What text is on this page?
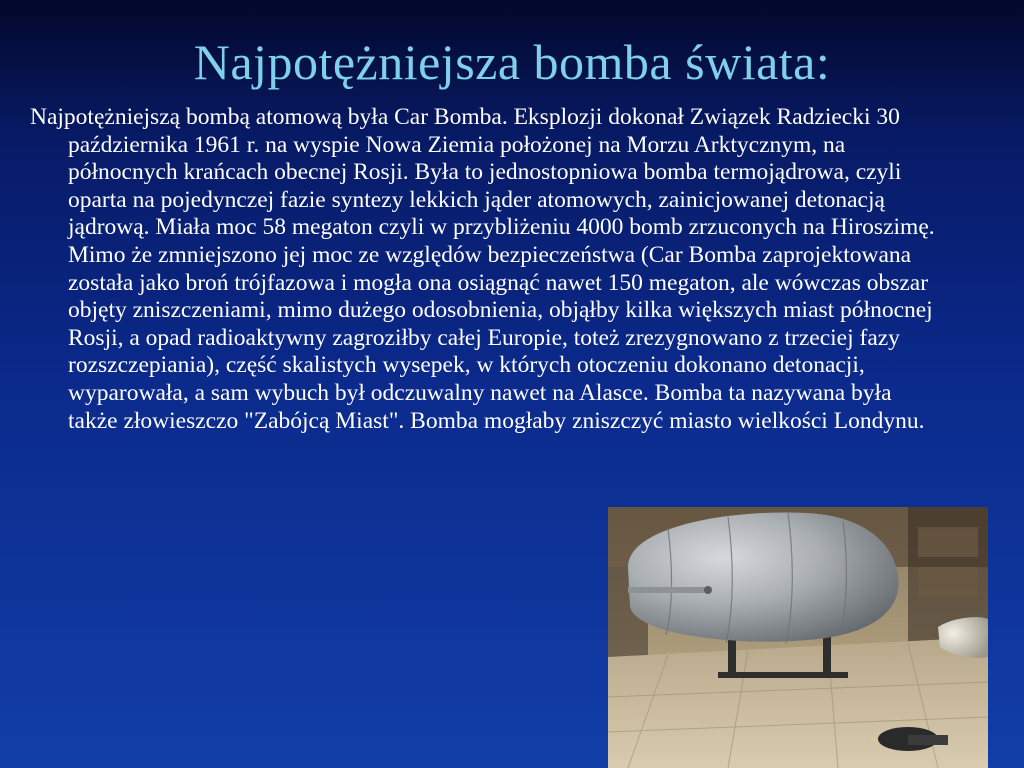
Najpotężniejsza bomba świata:

Najpotężniejszą bombą atomową była Car Bomba. Eksplozji dokonał Związek Radziecki 30 października 1961 r. na wyspie Nowa Ziemia położonej na Morzu Arktycznym, na północnych krańcach obecnej Rosji. Była to jednostopniowa bomba termojądrowa, czyli oparta na pojedynczej fazie syntezy lekkich jąder atomowych, zainicjowanej detonacją jądrową. Miała moc 58 megaton czyli w przybliżeniu 4000 bomb zrzuconych na Hiroszimę. Mimo że zmniejszono jej moc ze względów bezpieczeństwa (Car Bomba zaprojektowana została jako broń trójfazowa i mogła ona osiągnąć nawet 150 megaton, ale wówczas obszar objęty zniszczeniami, mimo dużego odosobnienia, objąłby kilka większych miast północnej Rosji, a opad radioaktywny zagroziłby całej Europie, toteż zrezygnowano z trzeciej fazy rozszczepiania), część skalistych wysepek, w których otoczeniu dokonano detonacji, wyparowała, a sam wybuch był odczuwalny nawet na Alasce. Bomba ta nazywana była także złowieszczo "Zabójcą Miast". Bomba mogłaby zniszczyć miasto wielkości Londynu.
